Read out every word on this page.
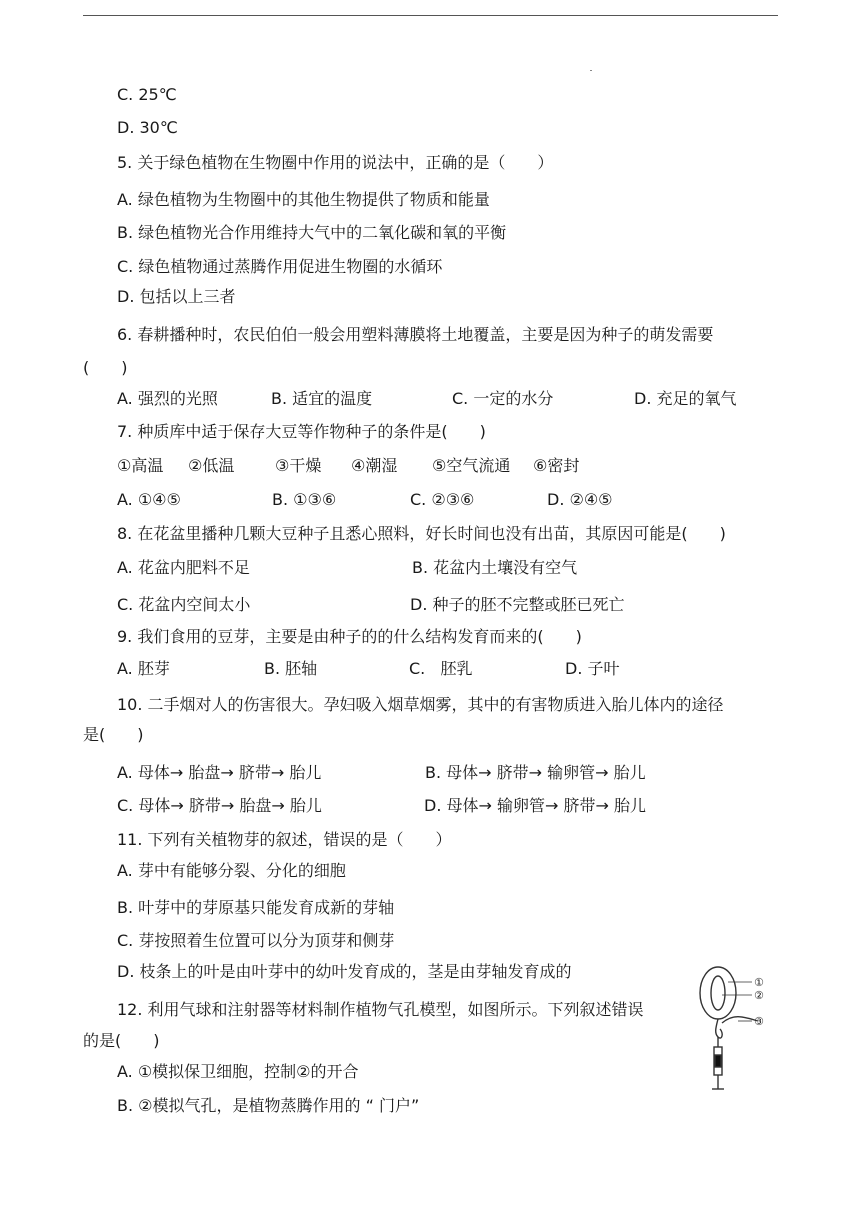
C. 25℃
D. 30℃
5. 关于绿色植物在生物圈中作用的说法中，正确的是（　　）
A. 绿色植物为生物圈中的其他生物提供了物质和能量
B. 绿色植物光合作用维持大气中的二氧化碳和氧的平衡
C. 绿色植物通过蒸腾作用促进生物圈的水循环
D. 包括以上三者
6. 春耕播种时，农民伯伯一般会用塑料薄膜将土地覆盖，主要是因为种子的萌发需要
(　　)
A. 强烈的光照	B. 适宜的温度	C. 一定的水分	D. 充足的氧气
7. 种质库中适于保存大豆等作物种子的条件是(　　)
①高温 ②低温	③干燥 ④潮湿 ⑤空气流通 ⑥密封
A. ①④⑤	B. ①③⑥	C. ②③⑥	D. ②④⑤
8. 在花盆里播种几颗大豆种子且悉心照料，好长时间也没有出苗，其原因可能是(　　)
A. 花盆内肥料不足	B. 花盆内土壤没有空气
C. 花盆内空间太小	D. 种子的胚不完整或胚已死亡
9. 我们食用的豆芽，主要是由种子的的什么结构发育而来的(　　)
A. 胚芽	B. 胚轴	C.   胚乳	D. 子叶
10. 二手烟对人的伤害很大。孕妇吸入烟草烟雾，其中的有害物质进入胎儿体内的途径
是(　　)
A. 母体→ 胎盘→ 脐带→ 胎儿	B. 母体→ 脐带→ 输卵管→ 胎儿
C. 母体→ 脐带→ 胎盘→ 胎儿	D. 母体→ 输卵管→ 脐带→ 胎儿
11. 下列有关植物芽的叙述，错误的是（　　）
A. 芽中有能够分裂、分化的细胞
B. 叶芽中的芽原基只能发育成新的芽轴
C. 芽按照着生位置可以分为顶芽和侧芽
D. 枝条上的叶是由叶芽中的幼叶发育成的，茎是由芽轴发育成的
12. 利用气球和注射器等材料制作植物气孔模型，如图所示。下列叙述错误
的是(　　)
A. ①模拟保卫细胞，控制②的开合
B. ②模拟气孔，是植物蒸腾作用的 “ 门户”
①
②
③
